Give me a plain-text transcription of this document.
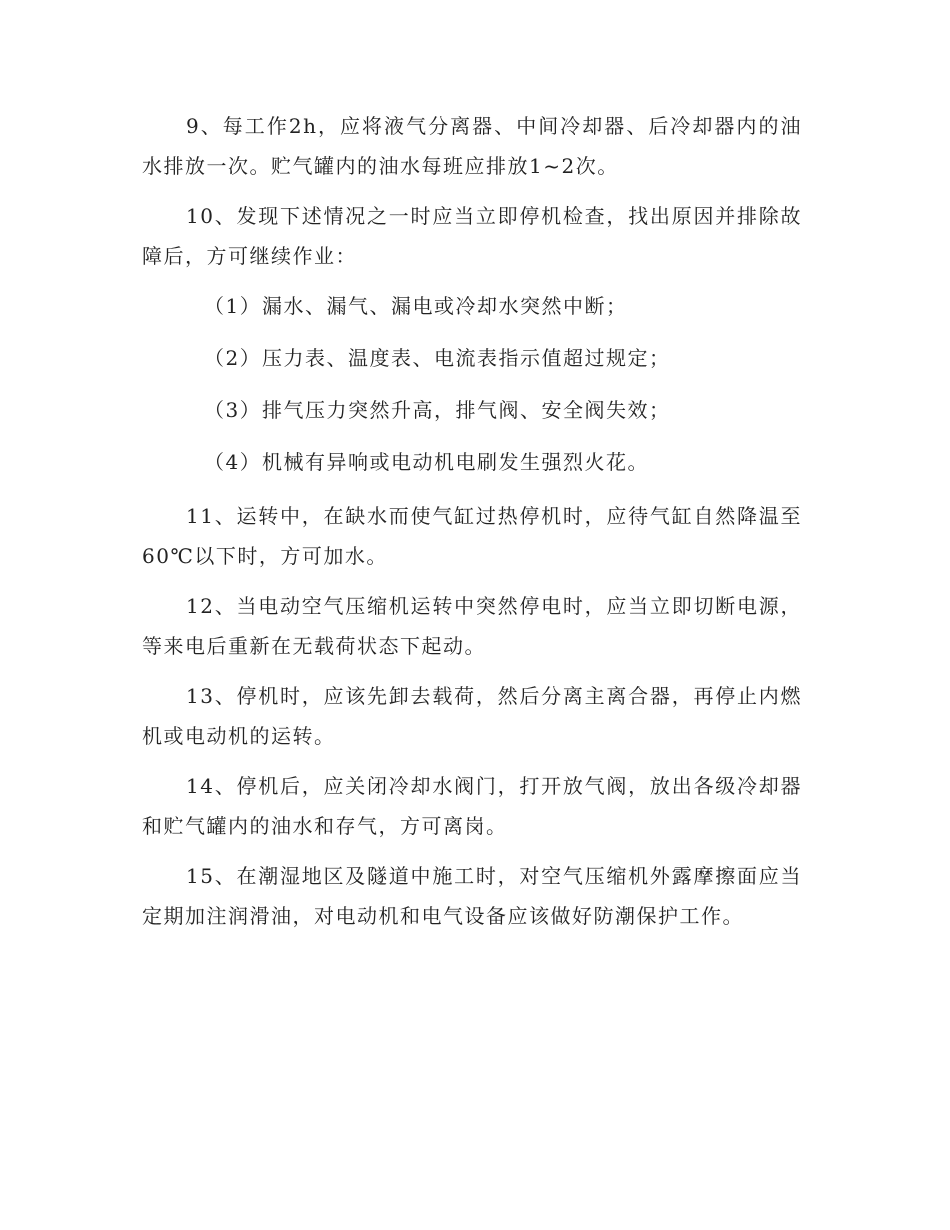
9、每工作2h，应将液气分离器、中间冷却器、后冷却器内的油水排放一次。贮气罐内的油水每班应排放1~2次。

10、发现下述情况之一时应当立即停机检查，找出原因并排除故障后，方可继续作业：

（1）漏水、漏气、漏电或冷却水突然中断；

（2）压力表、温度表、电流表指示值超过规定；

（3）排气压力突然升高，排气阀、安全阀失效；

（4）机械有异响或电动机电刷发生强烈火花。

11、运转中，在缺水而使气缸过热停机时，应待气缸自然降温至60℃以下时，方可加水。

12、当电动空气压缩机运转中突然停电时，应当立即切断电源，等来电后重新在无载荷状态下起动。

13、停机时，应该先卸去载荷，然后分离主离合器，再停止内燃机或电动机的运转。

14、停机后，应关闭冷却水阀门，打开放气阀，放出各级冷却器和贮气罐内的油水和存气，方可离岗。

15、在潮湿地区及隧道中施工时，对空气压缩机外露摩擦面应当定期加注润滑油，对电动机和电气设备应该做好防潮保护工作。
